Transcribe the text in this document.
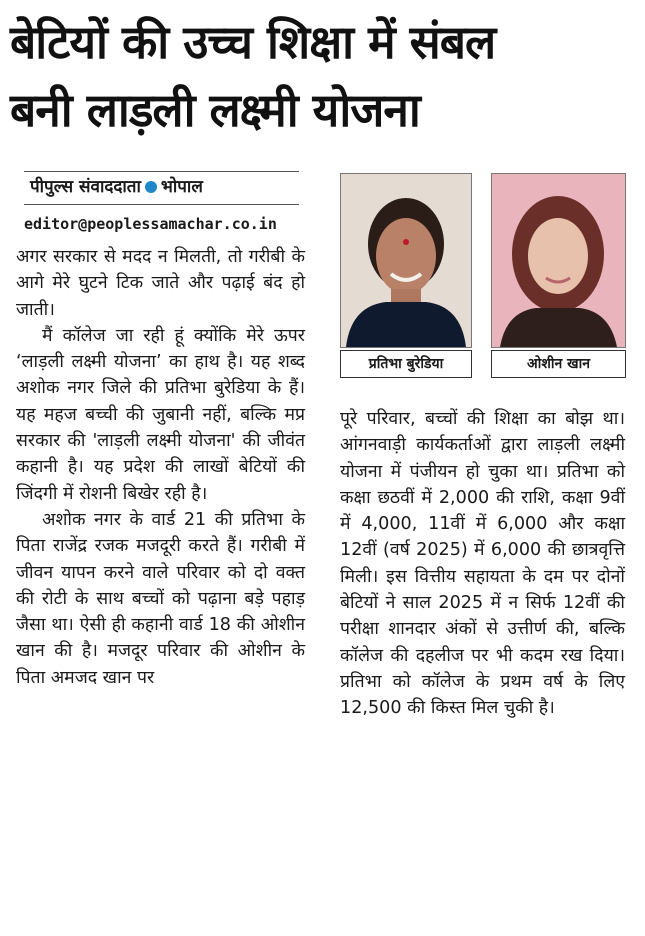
बेटियों की उच्च शिक्षा में संबल
बनी लाड़ली लक्ष्मी योजना
पीपुल्स संवाददाता भोपाल
editor@peoplessamachar.co.in

अगर सरकार से मदद न मिलती, तो गरीबी के आगे मेरे घुटने टिक जाते और पढ़ाई बंद हो जाती।

मैं कॉलेज जा रही हूं क्योंकि मेरे ऊपर ‘लाड़ली लक्ष्मी योजना’ का हाथ है। यह शब्द अशोक नगर जिले की प्रतिभा बुरेडिया के हैं। यह महज बच्ची की जुबानी नहीं, बल्कि मप्र सरकार की 'लाड़ली लक्ष्मी योजना' की जीवंत कहानी है। यह प्रदेश की लाखों बेटियों की जिंदगी में रोशनी बिखेर रही है।

अशोक नगर के वार्ड 21 की प्रतिभा के पिता राजेंद्र रजक मजदूरी करते हैं। गरीबी में जीवन यापन करने वाले परिवार को दो वक्त की रोटी के साथ बच्चों को पढ़ाना बड़े पहाड़ जैसा था। ऐसी ही कहानी वार्ड 18 की ओशीन खान की है। मजदूर परिवार की ओशीन के पिता अमजद खान पर

प्रतिभा बुरेडिया	ओशीन खान

पूरे परिवार, बच्चों की शिक्षा का बोझ था। आंगनवाड़ी कार्यकर्ताओं द्वारा लाड़ली लक्ष्मी योजना में पंजीयन हो चुका था। प्रतिभा को कक्षा छठवीं में 2,000 की राशि, कक्षा 9वीं में 4,000, 11वीं में 6,000 और कक्षा 12वीं (वर्ष 2025) में 6,000 की छात्रवृत्ति मिली। इस वित्तीय सहायता के दम पर दोनों बेटियों ने साल 2025 में न सिर्फ 12वीं की परीक्षा शानदार अंकों से उत्तीर्ण की, बल्कि कॉलेज की दहलीज पर भी कदम रख दिया। प्रतिभा को कॉलेज के प्रथम वर्ष के लिए 12,500 की किस्त मिल चुकी है।
